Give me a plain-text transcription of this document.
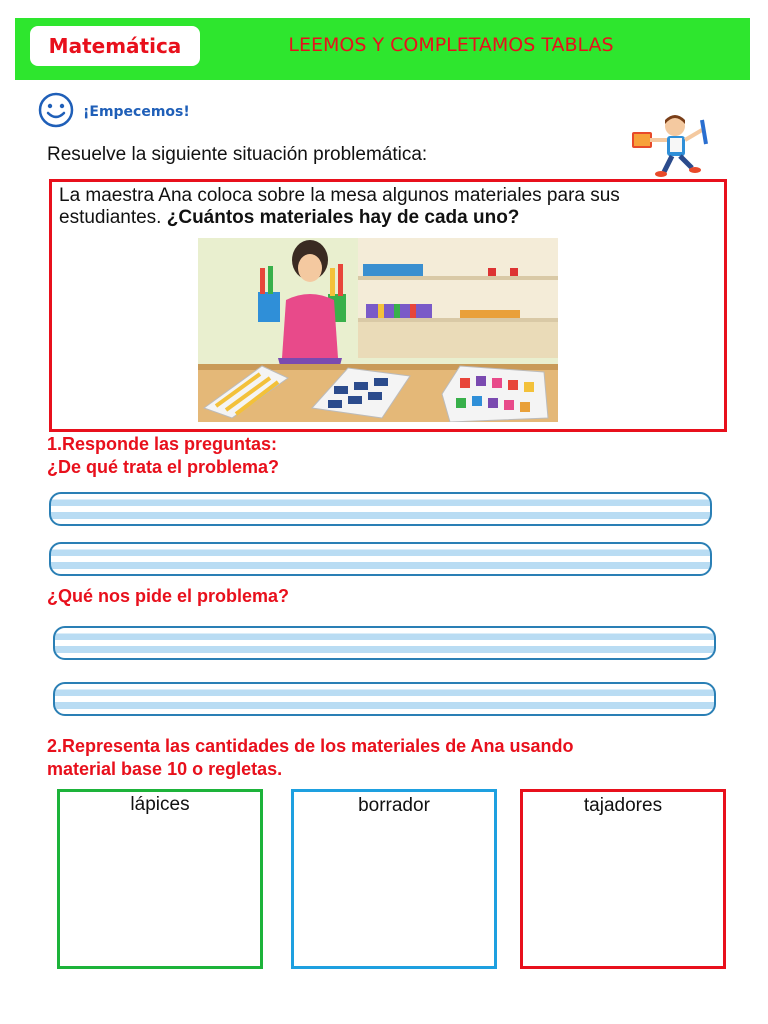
Matemática	LEEMOS Y COMPLETAMOS TABLAS
¡Empecemos!
Resuelve la siguiente situación problemática:
La maestra Ana coloca sobre la mesa algunos materiales para sus estudiantes. ¿Cuántos materiales hay de cada uno?
1.Responde las preguntas:
¿De qué trata el problema?
¿Qué nos pide el problema?
2.Representa las cantidades de los materiales de Ana usando
material base 10 o regletas.
lápices	borrador	tajadores
